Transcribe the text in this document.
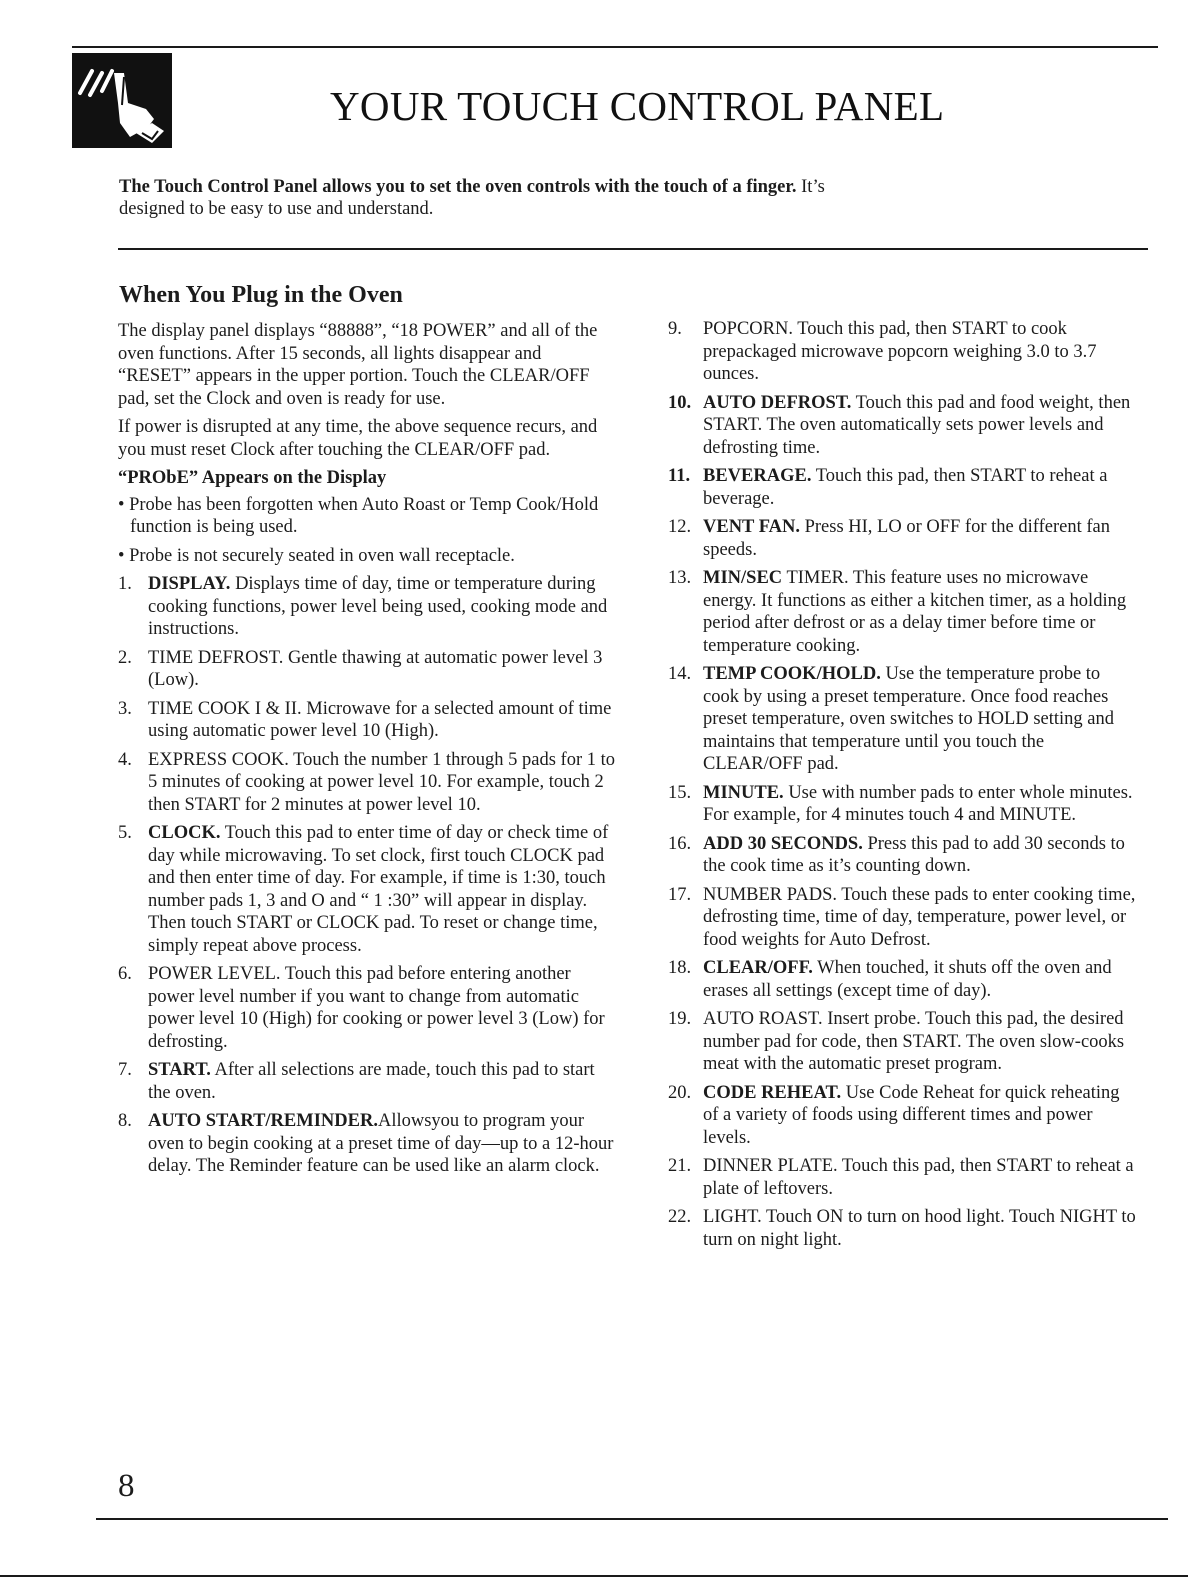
YOUR TOUCH CONTROL PANEL
The Touch Control Panel allows you to set the oven controls with the touch of a finger. It’s designed to be easy to use and understand.
When You Plug in the Oven
The display panel displays “88888”, “18 POWER” and all of the oven functions. After 15 seconds, all lights disappear and “RESET” appears in the upper portion. Touch the CLEAR/OFF pad, set the Clock and oven is ready for use.
If power is disrupted at any time, the above sequence recurs, and you must reset Clock after touching the CLEAR/OFF pad.
“PRObE” Appears on the Display
• Probe has been forgotten when Auto Roast or Temp Cook/Hold function is being used.
• Probe is not securely seated in oven wall receptacle.
1. DISPLAY. Displays time of day, time or temperature during cooking functions, power level being used, cooking mode and instructions.
2. TIME DEFROST. Gentle thawing at automatic power level 3 (Low).
3. TIME COOK I & II. Microwave for a selected amount of time using automatic power level 10 (High).
4. EXPRESS COOK. Touch the number 1 through 5 pads for 1 to 5 minutes of cooking at power level 10. For example, touch 2 then START for 2 minutes at power level 10.
5. CLOCK. Touch this pad to enter time of day or check time of day while microwaving. To set clock, first touch CLOCK pad and then enter time of day. For example, if time is 1:30, touch number pads 1, 3 and O and “ 1 :30” will appear in display. Then touch START or CLOCK pad. To reset or change time, simply repeat above process.
6. POWER LEVEL. Touch this pad before entering another power level number if you want to change from automatic power level 10 (High) for cooking or power level 3 (Low) for defrosting.
7. START. After all selections are made, touch this pad to start the oven.
8. AUTO START/REMINDER.Allowsyou to program your oven to begin cooking at a preset time of day—up to a 12-hour delay. The Reminder feature can be used like an alarm clock.
9.	POPCORN. Touch this pad, then START to cook prepackaged microwave popcorn weighing 3.0 to 3.7 ounces.
10. AUTO DEFROST. Touch this pad and food weight, then START. The oven automatically sets power levels and defrosting time.
11. BEVERAGE. Touch this pad, then START to reheat a beverage.
12. VENT FAN. Press HI, LO or OFF for the different fan speeds.
13. MIN/SEC TIMER. This feature uses no microwave energy. It functions as either a kitchen timer, as a holding period after defrost or as a delay timer before time or temperature cooking.
14. TEMP COOK/HOLD. Use the temperature probe to cook by using a preset temperature. Once food reaches preset temperature, oven switches to HOLD setting and maintains that temperature until you touch the CLEAR/OFF pad.
15. MINUTE. Use with number pads to enter whole minutes. For example, for 4 minutes touch 4 and MINUTE.
16. ADD 30 SECONDS. Press this pad to add 30 seconds to the cook time as it’s counting down.
17. NUMBER PADS. Touch these pads to enter cooking time, defrosting time, time of day, temperature, power level, or food weights for Auto Defrost.
18. CLEAR/OFF. When touched, it shuts off the oven and erases all settings (except time of day).
19. AUTO ROAST. Insert probe. Touch this pad, the desired number pad for code, then START. The oven slow-cooks meat with the automatic preset program.
20. CODE REHEAT. Use Code Reheat for quick reheating of a variety of foods using different times and power levels.
21. DINNER PLATE. Touch this pad, then START to reheat a plate of leftovers.
22. LIGHT. Touch ON to turn on hood light. Touch NIGHT to turn on night light.
8
